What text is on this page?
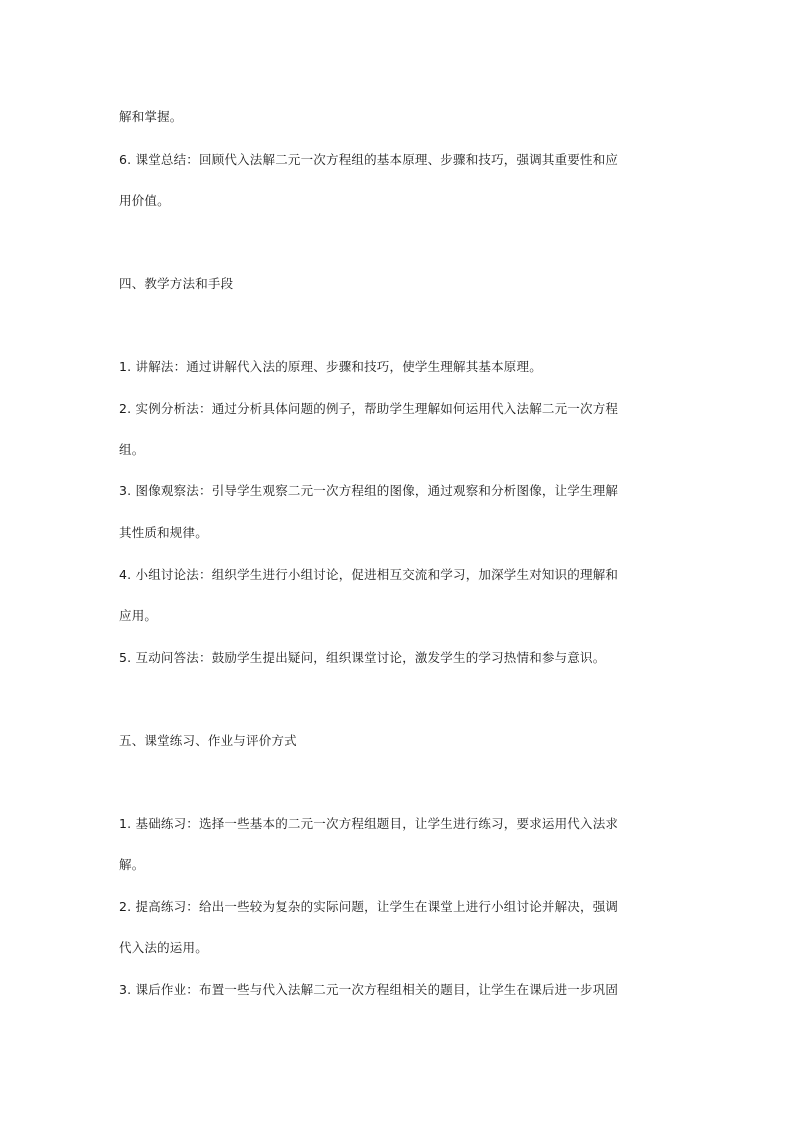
解和掌握。
6. 课堂总结：回顾代入法解二元一次方程组的基本原理、步骤和技巧，强调其重要性和应
用价值。
四、教学方法和手段
1. 讲解法：通过讲解代入法的原理、步骤和技巧，使学生理解其基本原理。
2. 实例分析法：通过分析具体问题的例子，帮助学生理解如何运用代入法解二元一次方程
组。
3. 图像观察法：引导学生观察二元一次方程组的图像，通过观察和分析图像，让学生理解
其性质和规律。
4. 小组讨论法：组织学生进行小组讨论，促进相互交流和学习，加深学生对知识的理解和
应用。
5. 互动问答法：鼓励学生提出疑问，组织课堂讨论，激发学生的学习热情和参与意识。
五、课堂练习、作业与评价方式
1. 基础练习：选择一些基本的二元一次方程组题目，让学生进行练习，要求运用代入法求
解。
2. 提高练习：给出一些较为复杂的实际问题，让学生在课堂上进行小组讨论并解决，强调
代入法的运用。
3. 课后作业：布置一些与代入法解二元一次方程组相关的题目，让学生在课后进一步巩固
